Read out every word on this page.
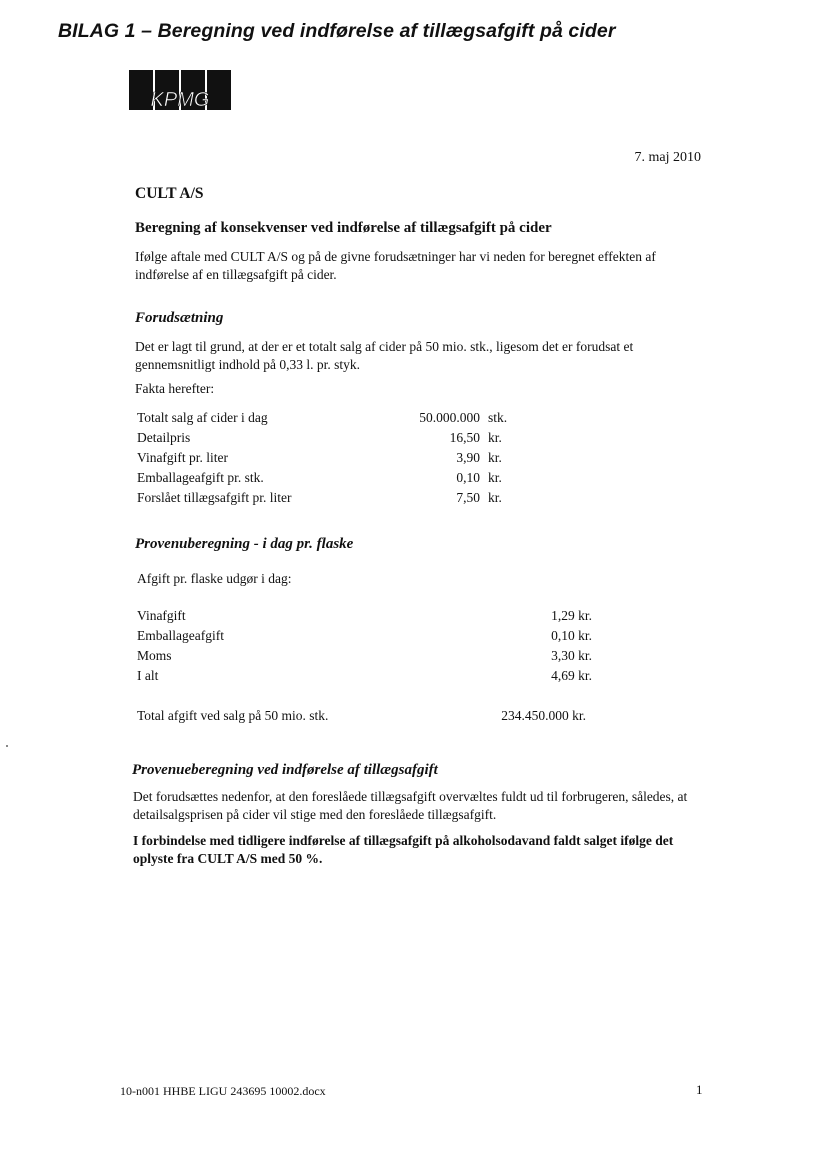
BILAG 1 – Beregning ved indførelse af tillægsafgift på cider
KPMG
7. maj 2010
CULT A/S
Beregning af konsekvenser ved indførelse af tillægsafgift på cider
Ifølge aftale med CULT A/S og på de givne forudsætninger har vi neden for beregnet effekten af indførelse af en tillægsafgift på cider.
Forudsætning
Det er lagt til grund, at der er et totalt salg af cider på 50 mio. stk., ligesom det er forudsat et gennemsnitligt indhold på 0,33 l. pr. styk.
Fakta herefter:
Totalt salg af cider i dag	50.000.000 stk.
Detailpris	16,50 kr.
Vinafgift pr. liter	3,90 kr.
Emballageafgift pr. stk.	0,10 kr.
Forslået tillægsafgift pr. liter	7,50 kr.
Provenuberegning - i dag pr. flaske
Afgift pr. flaske udgør i dag:
Vinafgift	1,29 kr.
Emballageafgift	0,10 kr.
Moms	3,30 kr.
I alt	4,69 kr.
Total afgift ved salg på 50 mio. stk.	234.450.000 kr.
Provenueberegning ved indførelse af tillægsafgift
Det forudsættes nedenfor, at den foreslåede tillægsafgift overvæltes fuldt ud til forbrugeren, således, at detailsalgsprisen på cider vil stige med den foreslåede tillægsafgift.
I forbindelse med tidligere indførelse af tillægsafgift på alkoholsodavand faldt salget ifølge det oplyste fra CULT A/S med 50 %.
10-n001 HHBE LIGU 243695 10002.docx	1
